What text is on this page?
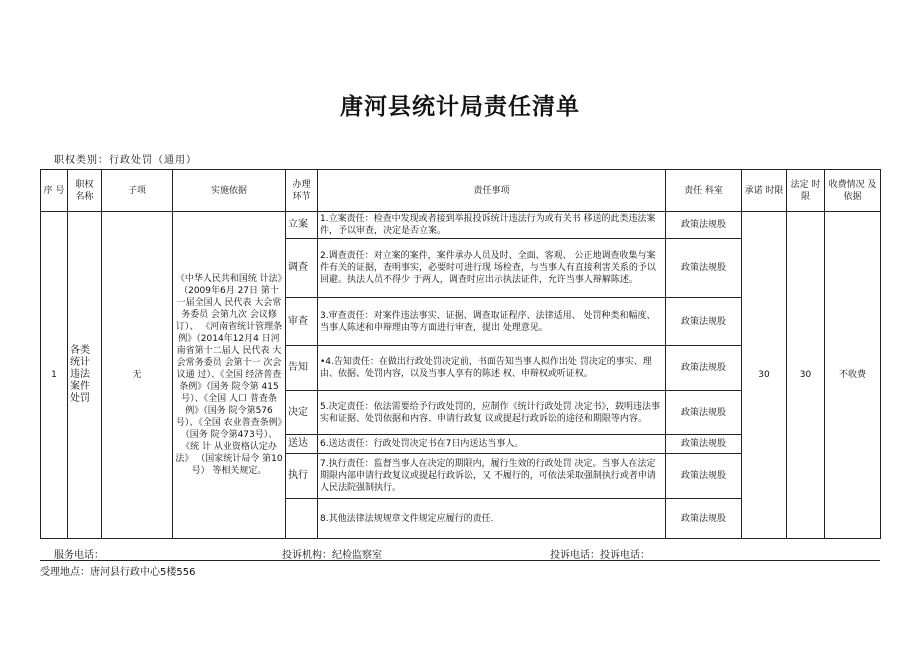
唐河县统计局责任清单
职权类别：行政处罚（通用）
序 号	职权 名称	子项	实施依据	办理 环节	责任事项	责任 科室	承诺 时限	法定 时限	收费情况 及依据
1	各类 统计 违法 案件 处罚	无	《中华人民共和国统 计法》（2009年6月 27日 第十一届全国人 民代表 大会常务委员 会第九次 会议修订）、 《河南省统计管理条 例》（2014年12月4 日河 南省第十二届人 民代表 大会常务委员 会第十一 次会议通 过）、《全国 经济普查 条例》（国务 院令第 415号）、《全国 人口 普查条例》（国务 院令第576号）、《全国 农业普查条例》（国务 院令第473号）、《统 计 从业资格认定办 法》 （国家统计局令 第10号） 等相关规定。	立案	1.立案责任：检查中发现或者接到举报投诉统计违法行为或有关书 移送的此类违法案件，予以审查，决定是否立案。	政策法规股	30	30	不收费
				调查	2.调查责任：对立案的案件，案件承办人员及时、全面、客观、 公正地调查收集与案件有关的证据，查明事实，必要时可进行现 场检查，与当事人有直接利害关系的予以回避。执法人员不得少 于两人，调查时应出示执法证件，允许当事人辩解陈述。	政策法规股			
				审查	3.审查责任：对案件违法事实、证据、调查取证程序、法律适用、 处罚种类和幅度、当事人陈述和申辩理由等方面进行审查，提出 处理意见。	政策法规股			
				告知	•4.告知责任：在做出行政处罚决定前，书面告知当事人拟作出处 罚决定的事实、理由、依据、处罚内容，以及当事人享有的陈述 权、申辩权或听证权。	政策法规股			
				决定	5.决定责任：依法需要给予行政处罚的，应制作《统计行政处罚 决定书》，载明违法事实和证据、处罚依据和内容、申请行政复 议或提起行政诉讼的途径和期限等内容。	政策法规股			
				送达	6.送达责任：行政处罚决定书在7日内送达当事人。	政策法规股			
				执行	7.执行责任：监督当事人在决定的期限内，履行生效的行政处罚 决定。当事人在法定期限内部申请行政复议或提起行政诉讼，又 不履行的，可依法采取强制执行或者申请人民法院强制执行。	政策法规股			
					8.其他法律法规规章文件规定应履行的责任.	政策法规股			
服务电话：	投诉机构：纪检监察室	投诉电话：投诉电话：
受理地点：唐河县行政中心5楼556
